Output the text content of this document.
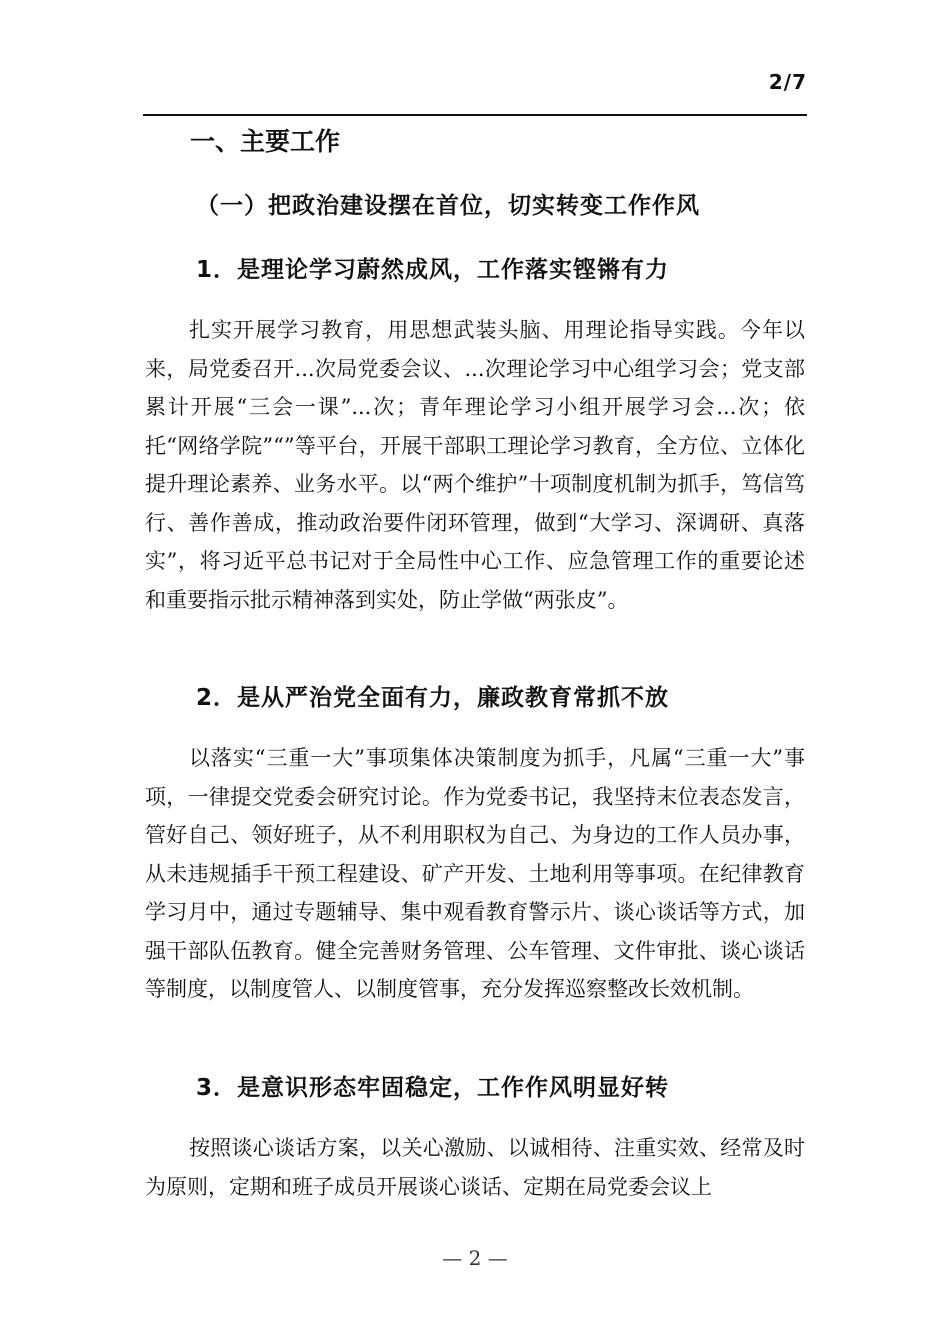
2/7
一、主要工作
（一）把政治建设摆在首位，切实转变工作作风
1．是理论学习蔚然成风，工作落实铿锵有力

扎实开展学习教育，用思想武装头脑、用理论指导实践。今年以来，局党委召开...次局党委会议、...次理论学习中心组学习会；党支部累计开展“三会一课”...次；青年理论学习小组开展学习会...次；依托“网络学院”“”等平台，开展干部职工理论学习教育，全方位、立体化提升理论素养、业务水平。以“两个维护”十项制度机制为抓手，笃信笃行、善作善成，推动政治要件闭环管理，做到“大学习、深调研、真落实”，将习近平总书记对于全局性中心工作、应急管理工作的重要论述和重要指示批示精神落到实处，防止学做“两张皮”。

2．是从严治党全面有力，廉政教育常抓不放

以落实“三重一大”事项集体决策制度为抓手，凡属“三重一大”事项，一律提交党委会研究讨论。作为党委书记，我坚持末位表态发言，管好自己、领好班子，从不利用职权为自己、为身边的工作人员办事，从未违规插手干预工程建设、矿产开发、土地利用等事项。在纪律教育学习月中，通过专题辅导、集中观看教育警示片、谈心谈话等方式，加强干部队伍教育。健全完善财务管理、公车管理、文件审批、谈心谈话等制度，以制度管人、以制度管事，充分发挥巡察整改长效机制。

3．是意识形态牢固稳定，工作作风明显好转

按照谈心谈话方案，以关心激励、以诚相待、注重实效、经常及时为原则，定期和班子成员开展谈心谈话、定期在局党委会议上

— 2 —
